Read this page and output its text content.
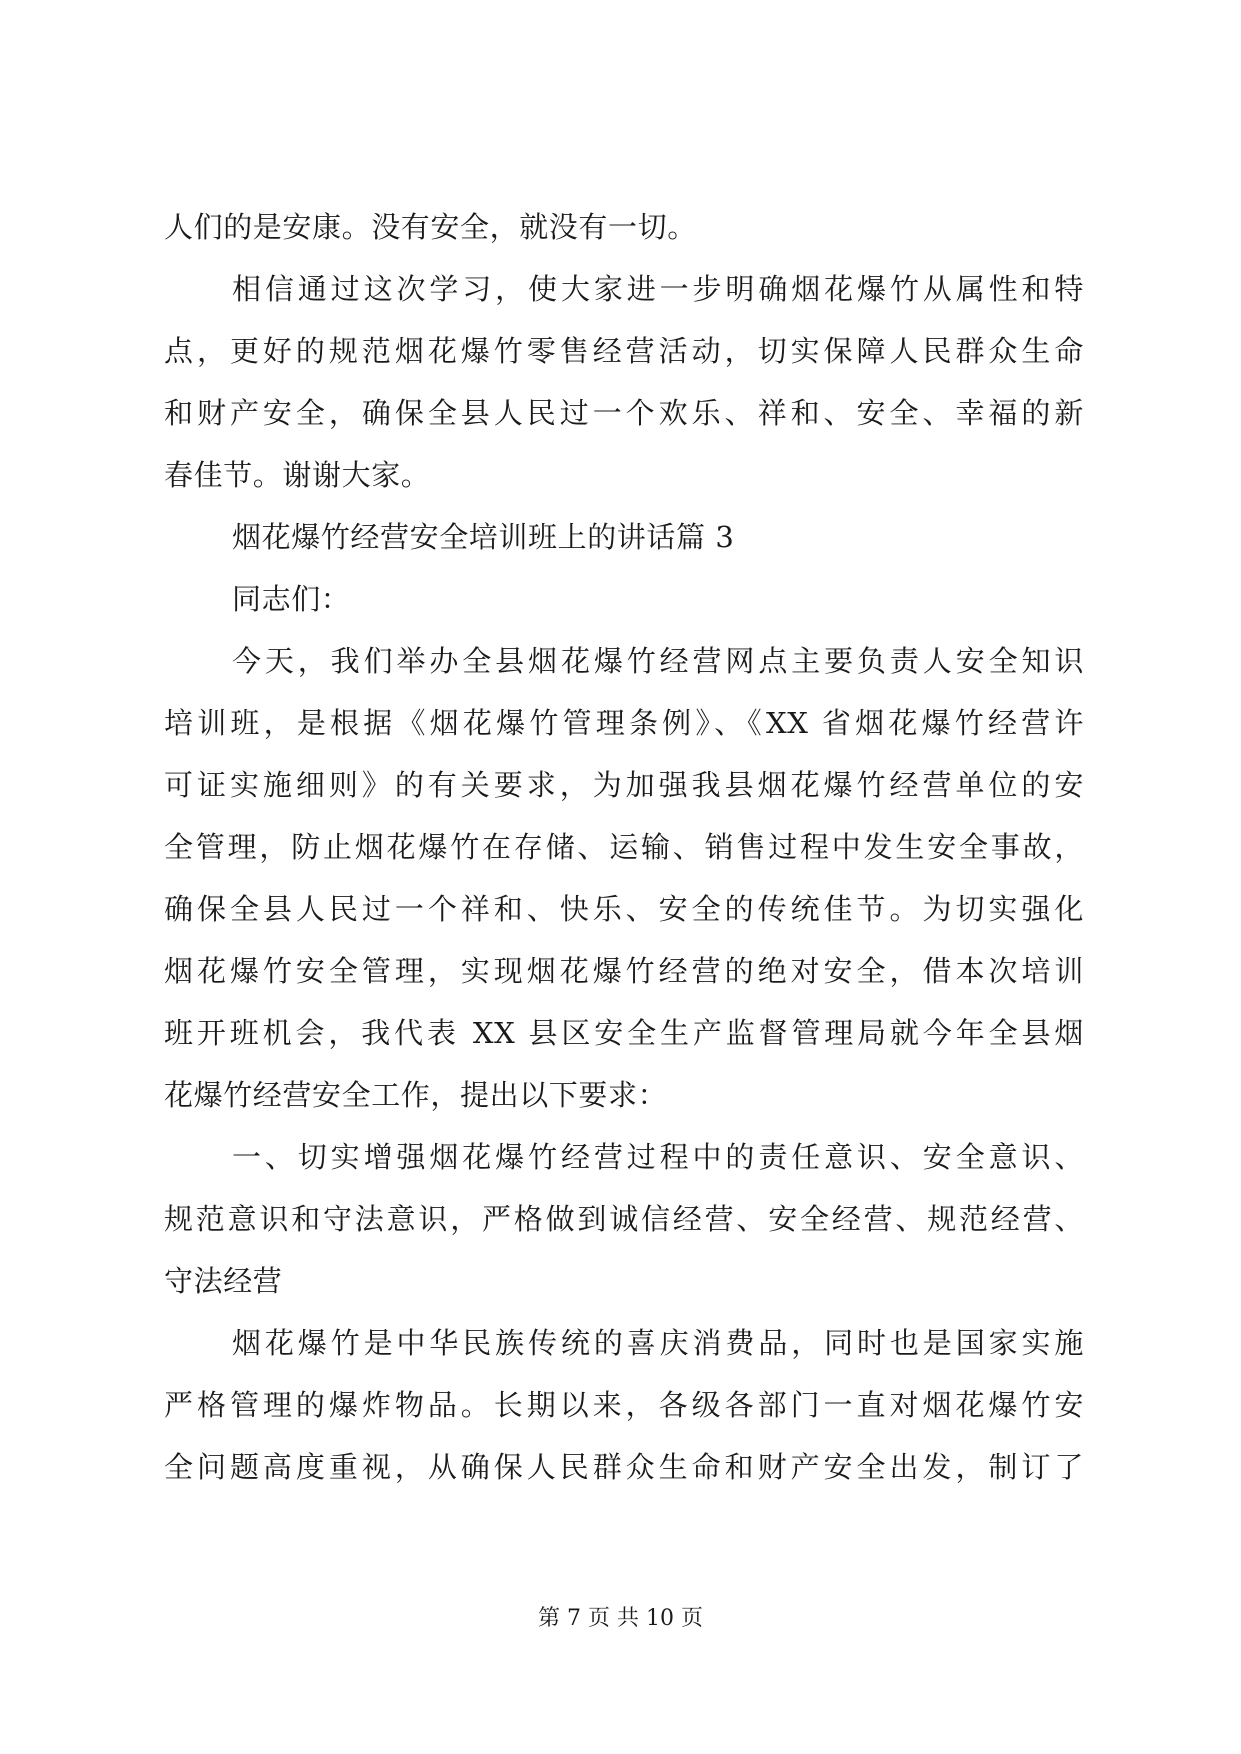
人们的是安康。没有安全，就没有一切。
相信通过这次学习，使大家进一步明确烟花爆竹从属性和特
点，更好的规范烟花爆竹零售经营活动，切实保障人民群众生命
和财产安全，确保全县人民过一个欢乐、祥和、安全、幸福的新
春佳节。谢谢大家。
烟花爆竹经营安全培训班上的讲话篇 3
同志们：
今天，我们举办全县烟花爆竹经营网点主要负责人安全知识
培训班，是根据《烟花爆竹管理条例》、《XX 省烟花爆竹经营许
可证实施细则》的有关要求，为加强我县烟花爆竹经营单位的安
全管理，防止烟花爆竹在存储、运输、销售过程中发生安全事故，
确保全县人民过一个祥和、快乐、安全的传统佳节。为切实强化
烟花爆竹安全管理，实现烟花爆竹经营的绝对安全，借本次培训
班开班机会，我代表 XX 县区安全生产监督管理局就今年全县烟
花爆竹经营安全工作，提出以下要求：
一、切实增强烟花爆竹经营过程中的责任意识、安全意识、
规范意识和守法意识，严格做到诚信经营、安全经营、规范经营、
守法经营
烟花爆竹是中华民族传统的喜庆消费品，同时也是国家实施
严格管理的爆炸物品。长期以来，各级各部门一直对烟花爆竹安
全问题高度重视，从确保人民群众生命和财产安全出发，制订了
第 7 页 共 10 页
